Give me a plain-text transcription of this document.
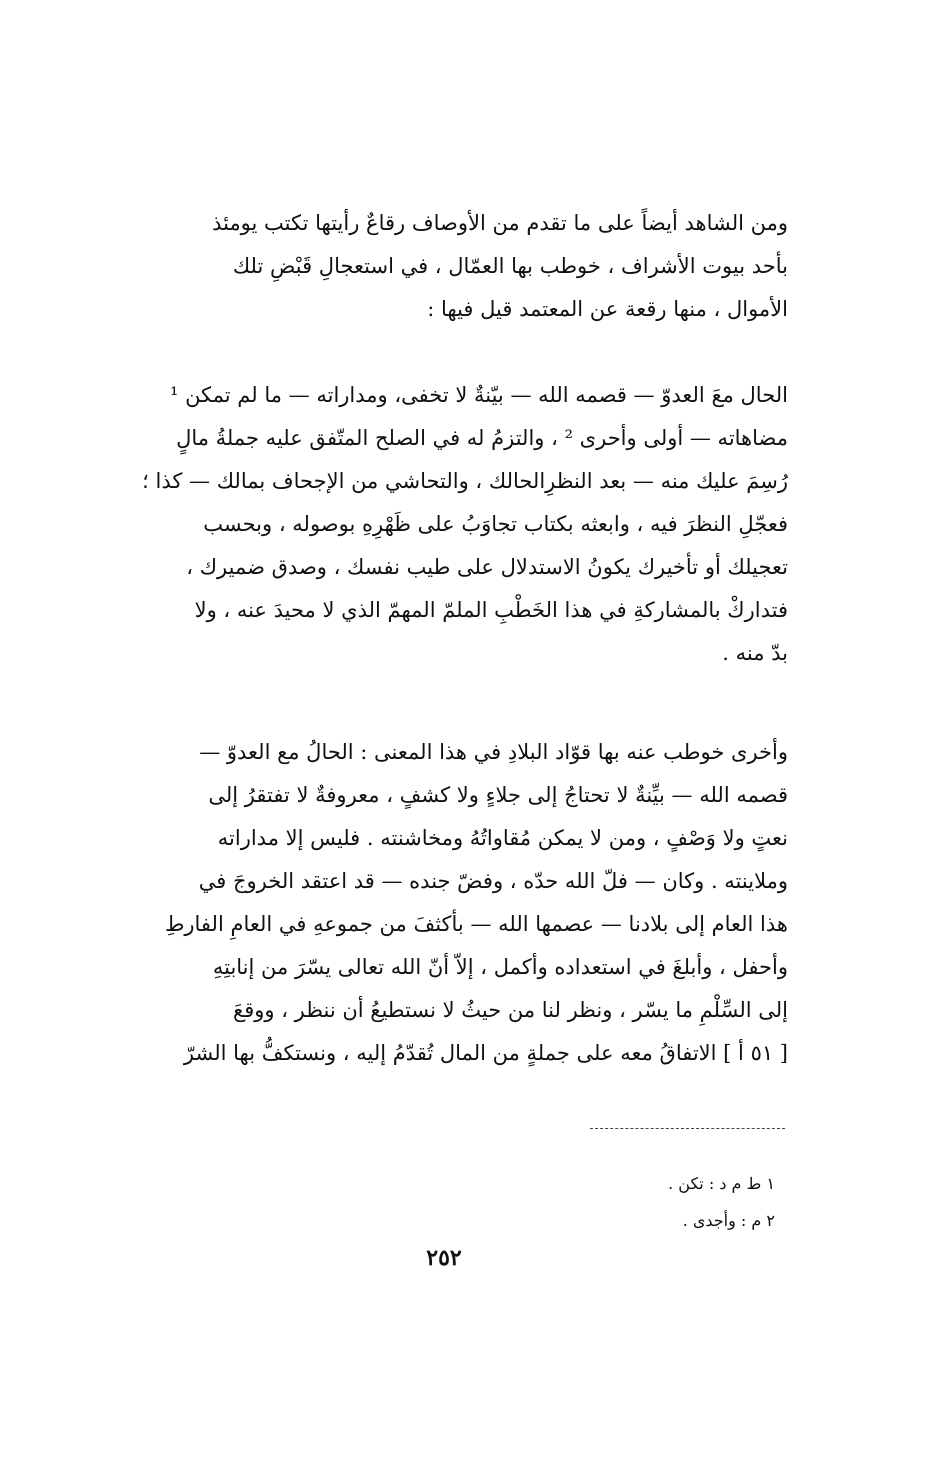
ومن الشاهد أيضاً على ما تقدم من الأوصاف رقاعٌ رأيتها تكتب يومئذ
بأحد بيوت الأشراف ، خوطب بها العمّال ، في استعجالِ قَبْضِ تلك
الأموال ، منها رقعة عن المعتمد قيل فيها :
الحال معَ العدوّ — قصمه الله — بيّنةٌ لا تخفى، ومداراته — ما لم تمكن ¹
مضاهاته — أولى وأحرى ² ، والتزمُ له في الصلح المتّفق عليه جملةُ مالٍ
رُسِمَ عليك منه — بعد النظرِالحالك ، والتحاشي من الإجحاف بمالك — كذا ؛
فعجّلِ النظرَ فيه ، وابعثه بكتاب تجاوَبُ على ظَهْرِهِ بوصوله ، وبحسب
تعجيلك أو تأخيرك يكونُ الاستدلال على طيب نفسك ، وصدق ضميرك ،
فتداركْ بالمشاركةِ في هذا الخَطْبِ الملمّ المهمّ الذي لا محيدَ عنه ، ولا
بدّ منه .
وأخرى خوطب عنه بها قوّاد البلادِ في هذا المعنى : الحالُ مع العدوّ —
قصمه الله — بيِّنةٌ لا تحتاجُ إلى جلاءٍ ولا كشفٍ ، معروفةٌ لا تفتقرُ إلى
نعتٍ ولا وَصْفٍ ، ومن لا يمكن مُقاواتُهُ ومخاشنته . فليس إلا مداراته
وملاينته . وكان — فلّ الله حدّه ، وفضّ جنده — قد اعتقد الخروجَ في
هذا العام إلى بلادنا — عصمها الله — بأكثفَ من جموعهِ في العامِ الفارطِ
وأحفل ، وأبلغَ في استعداده وأكمل ، إلاّ أنّ الله تعالى يسّرَ من إنابتِهِ
إلى السِّلْمِ ما يسّر ، ونظر لنا من حيثُ لا نستطيعُ أن ننظر ، ووقعَ
[ ٥١ أ ] الاتفاقُ معه على جملةٍ من المال تُقدّمُ إليه ، ونستكفُّ بها الشرّ
١ ط م د : تكن .
٢ م : وأجدى .
٢٥٢
